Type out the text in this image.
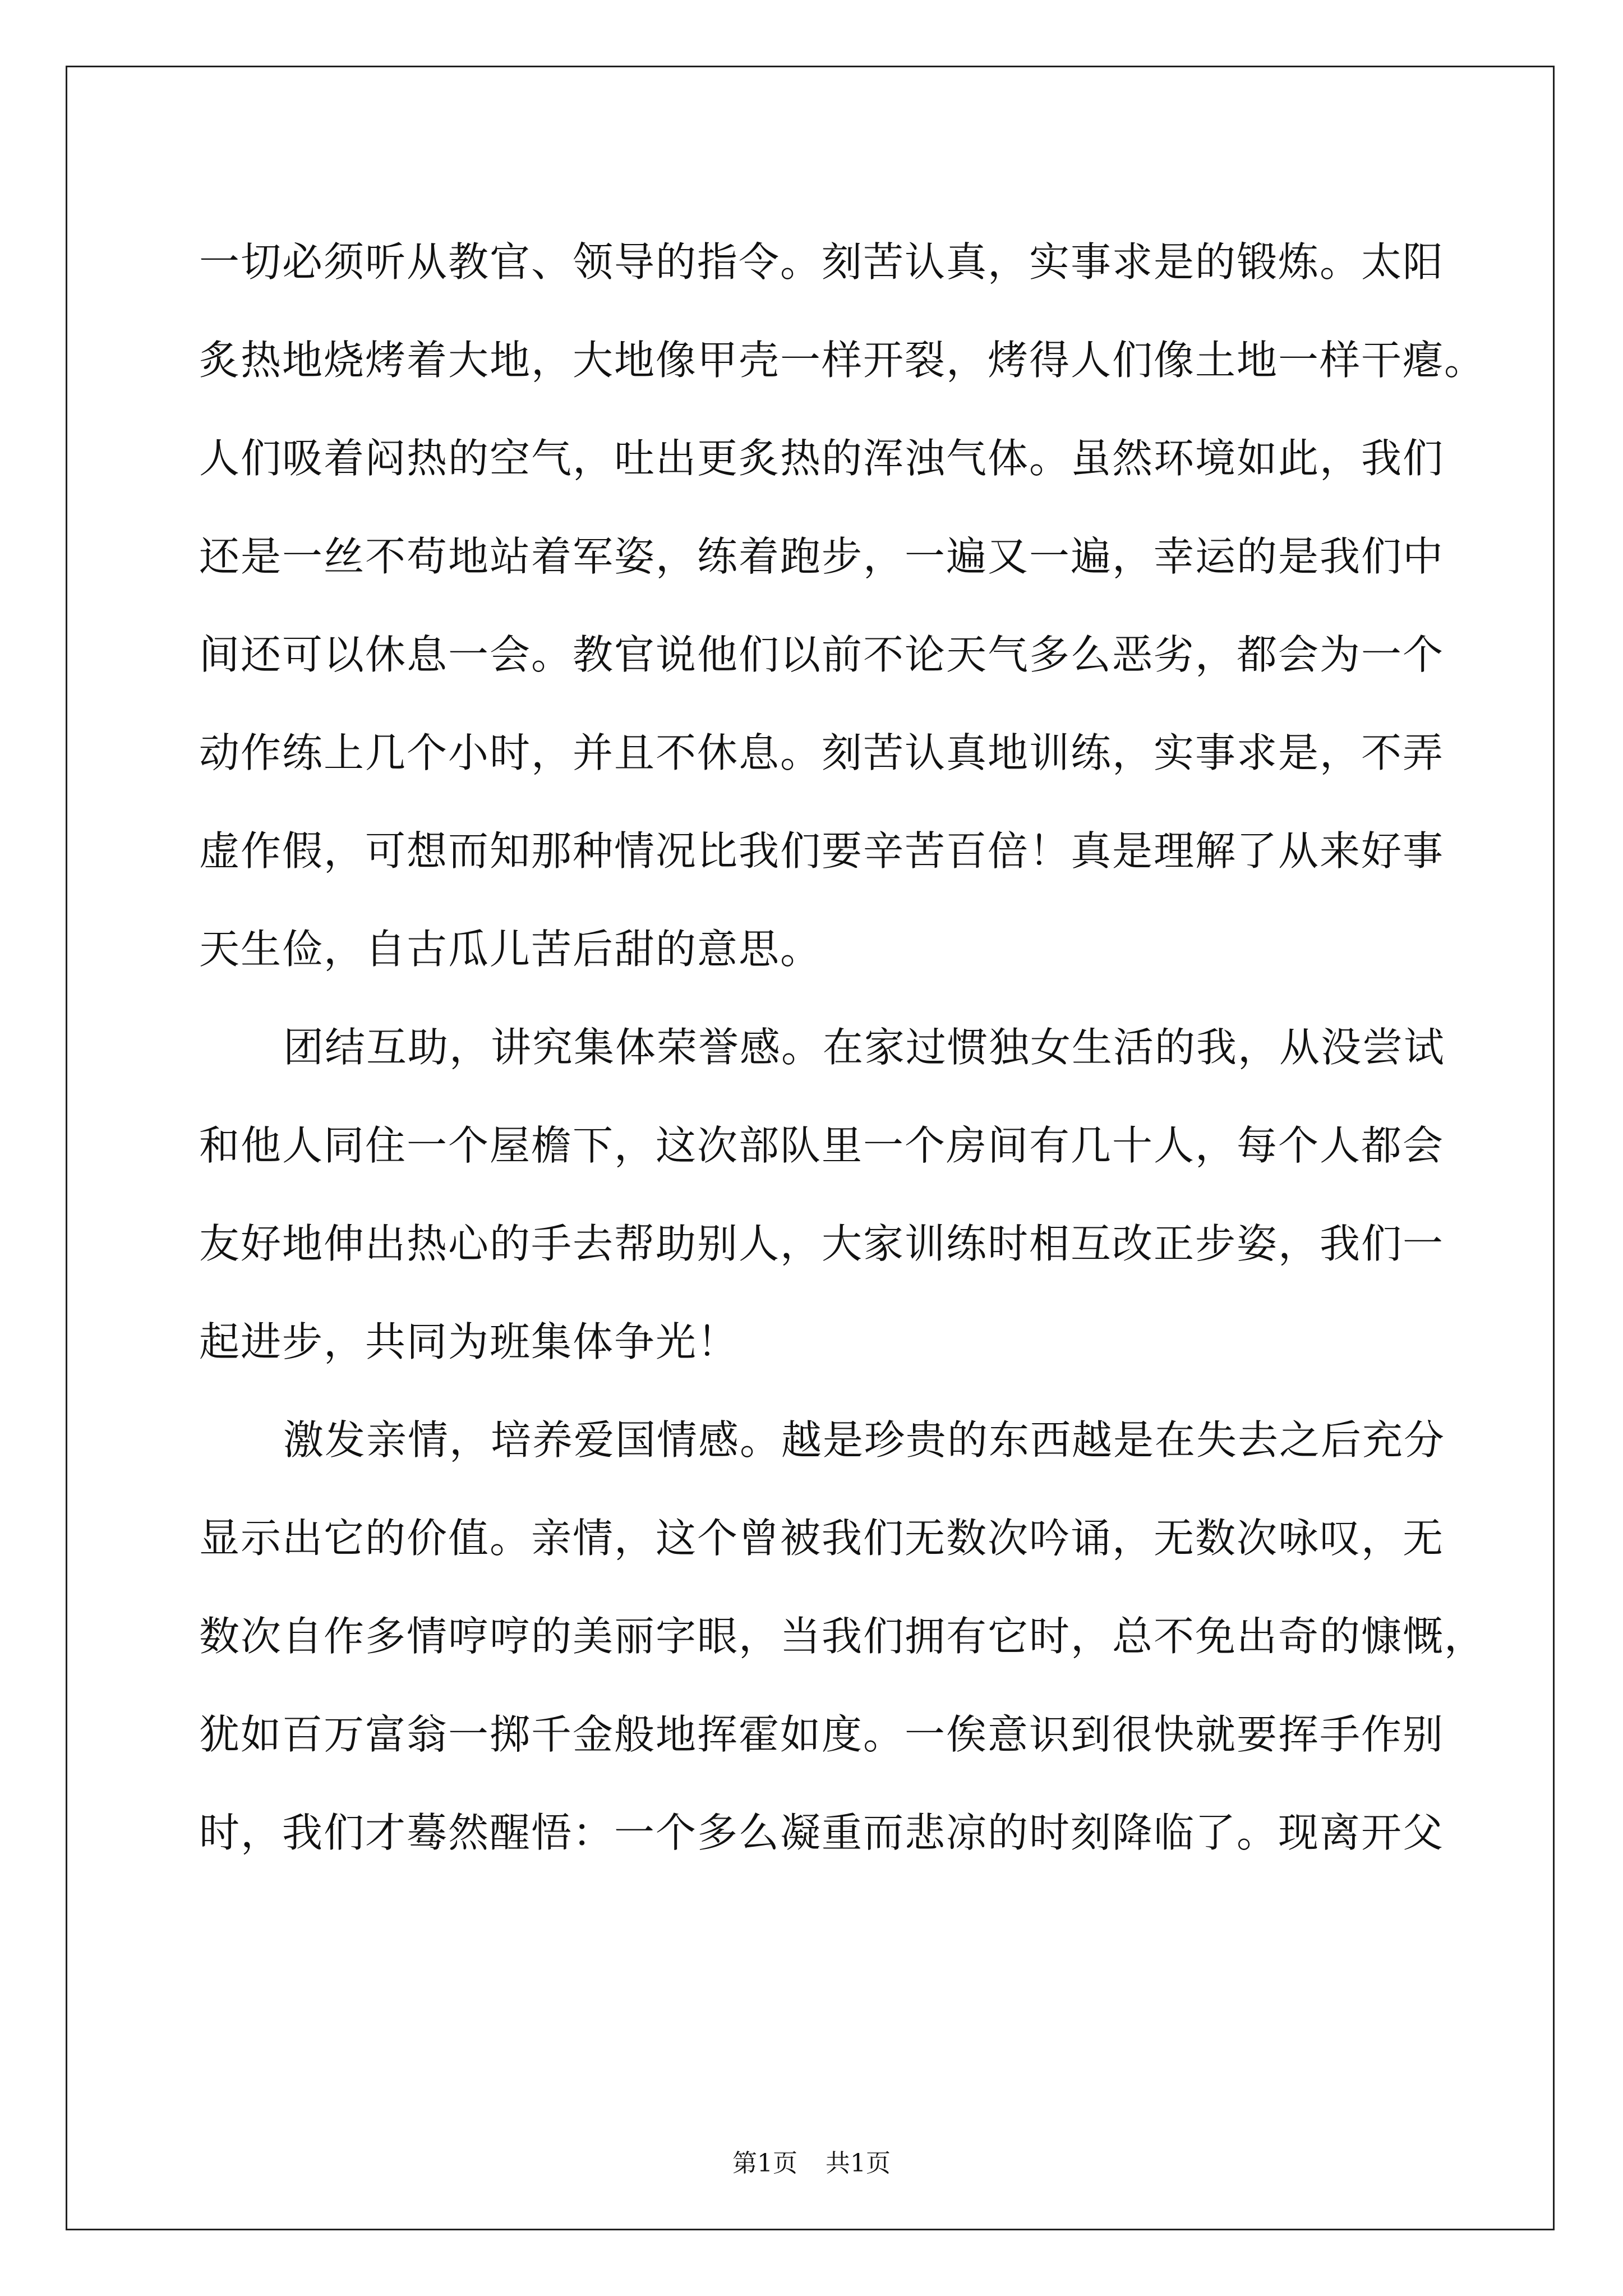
一切必须听从教官、领导的指令。刻苦认真，实事求是的锻炼。太阳
炙热地烧烤着大地，大地像甲壳一样开裂，烤得人们像土地一样干瘪。
人们吸着闷热的空气，吐出更炙热的浑浊气体。虽然环境如此，我们
还是一丝不苟地站着军姿，练着跑步，一遍又一遍，幸运的是我们中
间还可以休息一会。教官说他们以前不论天气多么恶劣，都会为一个
动作练上几个小时，并且不休息。刻苦认真地训练，实事求是，不弄
虚作假，可想而知那种情况比我们要辛苦百倍！真是理解了从来好事
天生俭，自古瓜儿苦后甜的意思。

团结互助，讲究集体荣誉感。在家过惯独女生活的我，从没尝试
和他人同住一个屋檐下，这次部队里一个房间有几十人，每个人都会
友好地伸出热心的手去帮助别人，大家训练时相互改正步姿，我们一
起进步，共同为班集体争光！

激发亲情，培养爱国情感。越是珍贵的东西越是在失去之后充分
显示出它的价值。亲情，这个曾被我们无数次吟诵，无数次咏叹，无
数次自作多情哼哼的美丽字眼，当我们拥有它时，总不免出奇的慷慨，
犹如百万富翁一掷千金般地挥霍如度。一俟意识到很快就要挥手作别
时，我们才蓦然醒悟：一个多么凝重而悲凉的时刻降临了。现离开父

第1页 共1页
